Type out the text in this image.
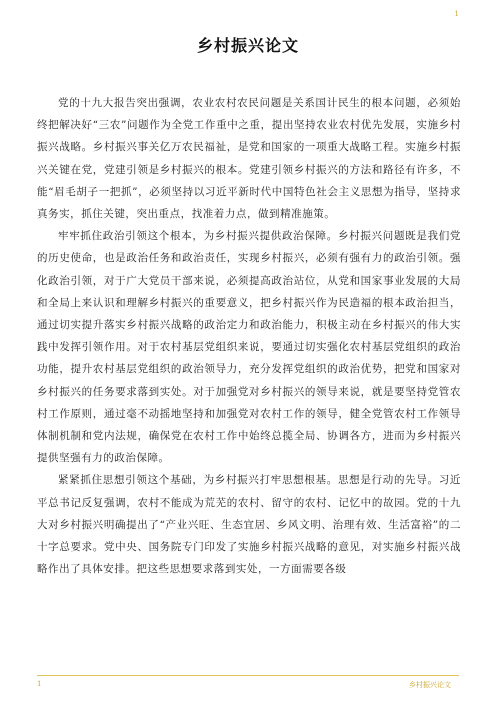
1
乡村振兴论文

党的十九大报告突出强调，农业农村农民问题是关系国计民生的根本问题，必须始终把解决好“三农”问题作为全党工作重中之重，提出坚持农业农村优先发展，实施乡村振兴战略。乡村振兴事关亿万农民福祉，是党和国家的一项重大战略工程。实施乡村振兴关键在党，党建引领是乡村振兴的根本。党建引领乡村振兴的方法和路径有许多，不能“眉毛胡子一把抓”，必须坚持以习近平新时代中国特色社会主义思想为指导，坚持求真务实，抓住关键，突出重点，找准着力点，做到精准施策。

牢牢抓住政治引领这个根本，为乡村振兴提供政治保障。乡村振兴问题既是我们党的历史使命，也是政治任务和政治责任，实现乡村振兴，必须有强有力的政治引领。强化政治引领，对于广大党员干部来说，必须提高政治站位，从党和国家事业发展的大局和全局上来认识和理解乡村振兴的重要意义，把乡村振兴作为民造福的根本政治担当，通过切实提升落实乡村振兴战略的政治定力和政治能力，积极主动在乡村振兴的伟大实践中发挥引领作用。对于农村基层党组织来说，要通过切实强化农村基层党组织的政治功能，提升农村基层党组织的政治领导力，充分发挥党组织的政治优势，把党和国家对乡村振兴的任务要求落到实处。对于加强党对乡村振兴的领导来说，就是要坚持党管农村工作原则，通过毫不动摇地坚持和加强党对农村工作的领导，健全党管农村工作领导体制机制和党内法规，确保党在农村工作中始终总揽全局、协调各方，进而为乡村振兴提供坚强有力的政治保障。

紧紧抓住思想引领这个基础，为乡村振兴打牢思想根基。思想是行动的先导。习近平总书记反复强调，农村不能成为荒芜的农村、留守的农村、记忆中的故园。党的十九大对乡村振兴明确提出了“产业兴旺、生态宜居、乡风文明、治理有效、生活富裕”的二十字总要求。党中央、国务院专门印发了实施乡村振兴战略的意见，对实施乡村振兴战略作出了具体安排。把这些思想要求落到实处，一方面需要各级

1	乡村振兴论文
